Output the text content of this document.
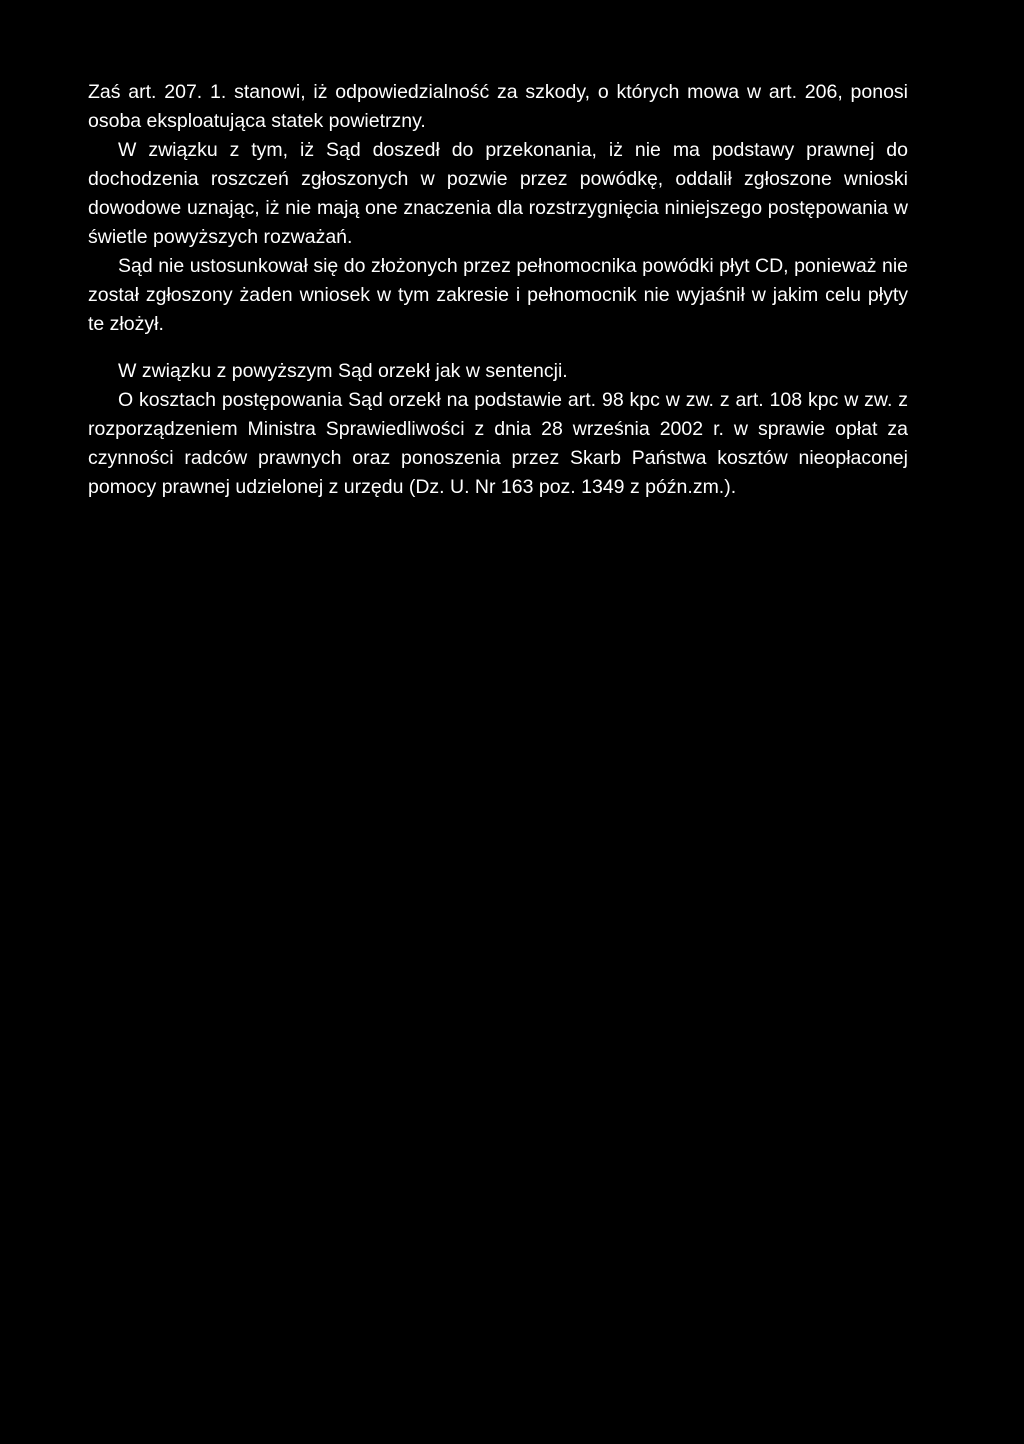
Zaś art. 207. 1. stanowi, iż odpowiedzialność za szkody, o których mowa w art. 206, ponosi osoba eksploatująca statek powietrzny.

W związku z tym, iż Sąd doszedł do przekonania, iż nie ma podstawy prawnej do dochodzenia roszczeń zgłoszonych w pozwie przez powódkę, oddalił zgłoszone wnioski dowodowe uznając, iż nie mają one znaczenia dla rozstrzygnięcia niniejszego postępowania w świetle powyższych rozważań.

Sąd nie ustosunkował się do złożonych przez pełnomocnika powódki płyt CD, ponieważ nie został zgłoszony żaden wniosek w tym zakresie i pełnomocnik nie wyjaśnił w jakim celu płyty te złożył.

W związku z powyższym Sąd orzekł jak w sentencji.

O kosztach postępowania Sąd orzekł na podstawie art. 98 kpc w zw. z art. 108 kpc w zw. z rozporządzeniem Ministra Sprawiedliwości z dnia 28 września 2002 r. w sprawie opłat za czynności radców prawnych oraz ponoszenia przez Skarb Państwa kosztów nieopłaconej pomocy prawnej udzielonej z urzędu (Dz. U. Nr 163 poz. 1349 z późn.zm.).
